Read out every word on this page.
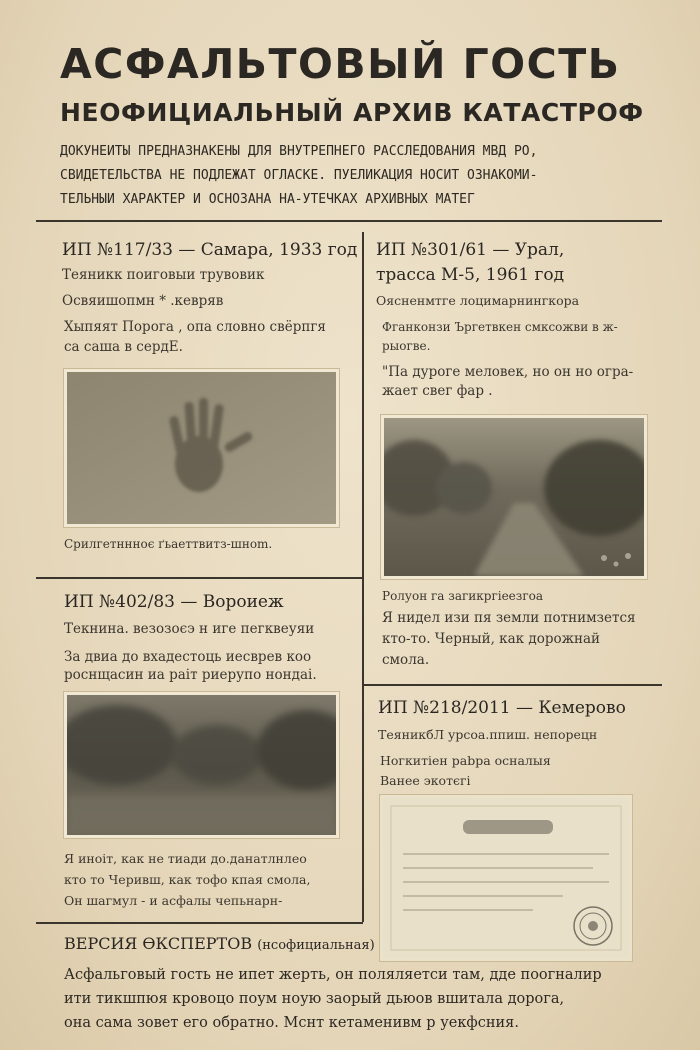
АСФАЛЬТОВЫЙ ГОСТЬ
НЕОФИЦИАЛЬНЫЙ АРХИВ КАТАСТРОФ
ДОКУНЕИТЫ ПРЕДНАЗНАКЕНЫ ДЛЯ ВНУТРЕПНЕГО РАССЛЕДОВАНИЯ МВД РО,
СВИДЕТЕЛЬСТВА НЕ ПОДЛЕЖАТ ОГЛАСКЕ. ПУЕЛИКАЦИЯ НОСИТ ОЗНАКОМИ-
ТЕЛЬНЫИ ХАРАКТЕР И ОСНОЗАНА НА-УТЕЧКАХ АРХИВНЫХ МАТЕГ
ИП №117/33 — Самара, 1933 год
Теяникк поиговыи трувовик
Освяишопмн * .кевряв
Хыпяят Порога , опа словно свёрпгя
са саша в сердЕ.
Срилгетннноє ґьаеттвитз-шноm.
ИП №301/61 — Урал,
трасса М-5, 1961 год
Оясненмтге лоцимарнингкора
Фганконзи Ъргетвкен смксожви в ж-
рыогве.
"Па дуроге меловек, но он но огра-
жает свег фар .
Ролуон га загикргіеезгоа
Я нидел изи пя земли потнимзется
кто-то. Черный, как дорожнай
смола.
ИП №402/83 — Вороиеж
Текнина. везозоєэ н иге пегквеуяи
За двиа до вхадестоць иесврев коо
роснщасин иа раіт риерупо нондаі.
Я иноіт, как не тиади до.данатлнлео
кто то Черивш, как тофо кпая смола,
Он шагмул - и асфалы чепьнарн-
ИП №218/2011 — Кемерово
ТеяникбЛ урсоа.ппиш. непорецн
Ногкитіен раbра осналыя
Ванее экотєгі
ВЕРСИЯ ӨКСПЕРТОВ (нсофициальная)
Асфальговый гость не ипет жерть, он поляляетси там, дде поогналир
ити тикшпюя кровоцо поум ноую заорый дьюов вшитала дорога,
она сама зовет его обратно. Мснт кетаменивм р уекфсния.
